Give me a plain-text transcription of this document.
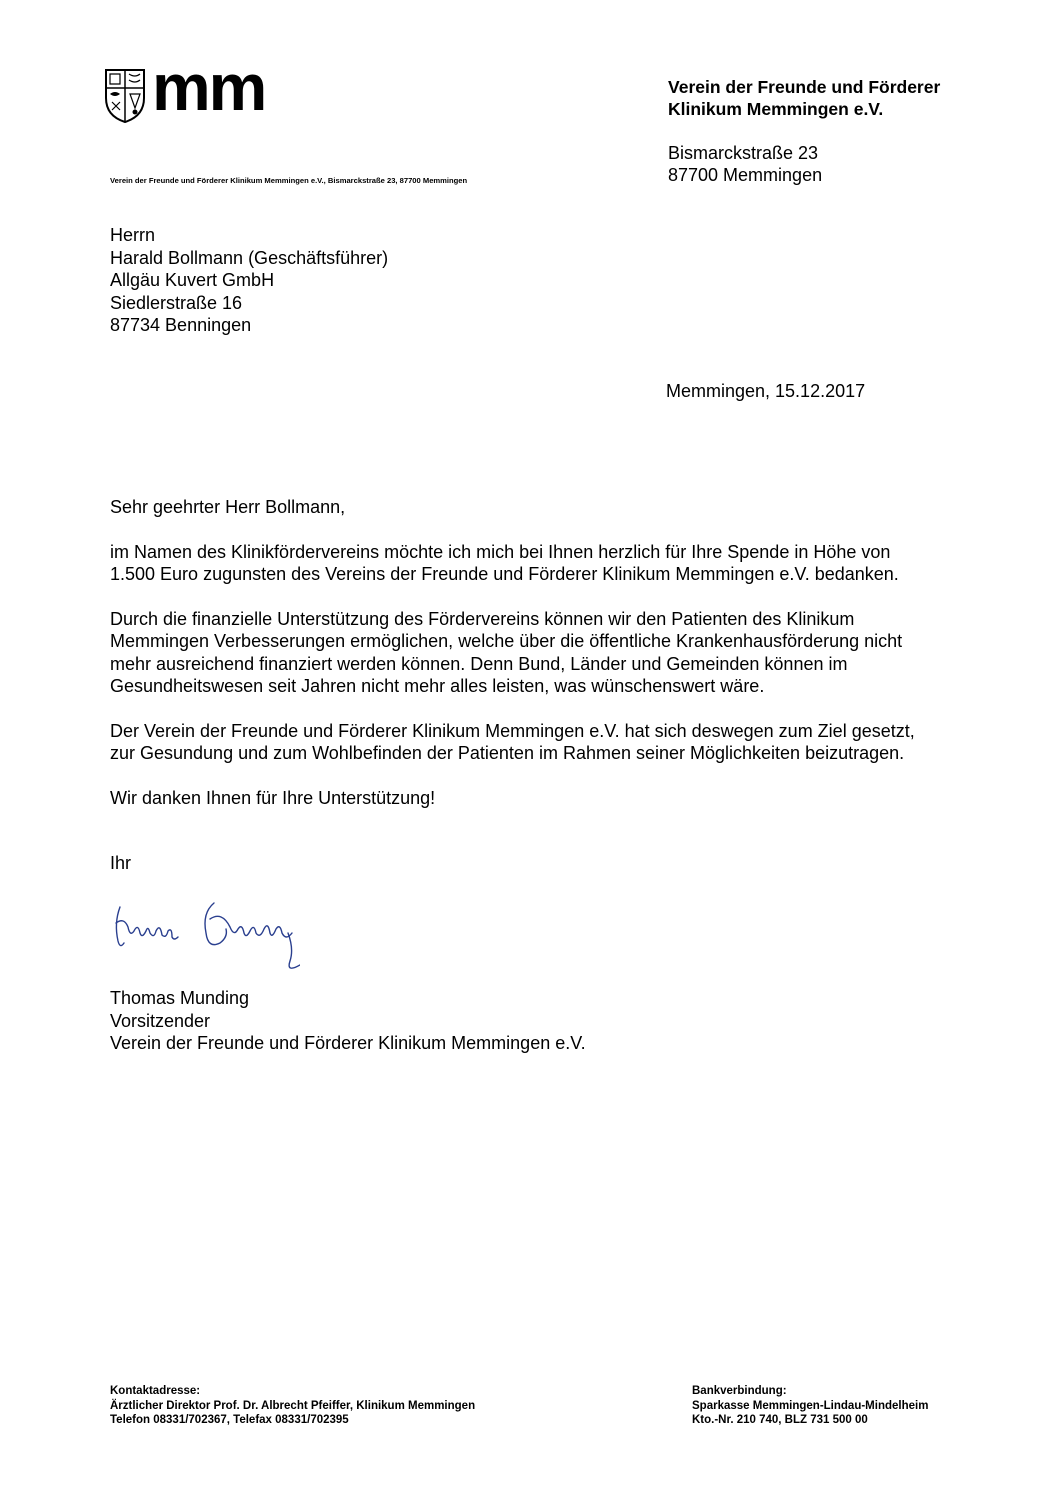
mm	Verein der Freunde und Förderer
Klinikum Memmingen e.V.
Bismarckstraße 23
87700 Memmingen
Verein der Freunde und Förderer Klinikum Memmingen e.V., Bismarckstraße 23, 87700 Memmingen
Herrn
Harald Bollmann (Geschäftsführer)
Allgäu Kuvert GmbH
Siedlerstraße 16
87734 Benningen
Memmingen, 15.12.2017

Sehr geehrter Herr Bollmann,

im Namen des Klinikfördervereins möchte ich mich bei Ihnen herzlich für Ihre Spende in Höhe von
1.500 Euro zugunsten des Vereins der Freunde und Förderer Klinikum Memmingen e.V. bedanken.

Durch die finanzielle Unterstützung des Fördervereins können wir den Patienten des Klinikum
Memmingen Verbesserungen ermöglichen, welche über die öffentliche Krankenhausförderung nicht
mehr ausreichend finanziert werden können. Denn Bund, Länder und Gemeinden können im
Gesundheitswesen seit Jahren nicht mehr alles leisten, was wünschenswert wäre.

Der Verein der Freunde und Förderer Klinikum Memmingen e.V. hat sich deswegen zum Ziel gesetzt,
zur Gesundung und zum Wohlbefinden der Patienten im Rahmen seiner Möglichkeiten beizutragen.

Wir danken Ihnen für Ihre Unterstützung!

Ihr
Thomas Munding
Vorsitzender
Verein der Freunde und Förderer Klinikum Memmingen e.V.
Kontaktadresse:
Ärztlicher Direktor Prof. Dr. Albrecht Pfeiffer, Klinikum Memmingen
Telefon 08331/702367, Telefax 08331/702395
Bankverbindung:
Sparkasse Memmingen-Lindau-Mindelheim
Kto.-Nr. 210 740, BLZ 731 500 00
